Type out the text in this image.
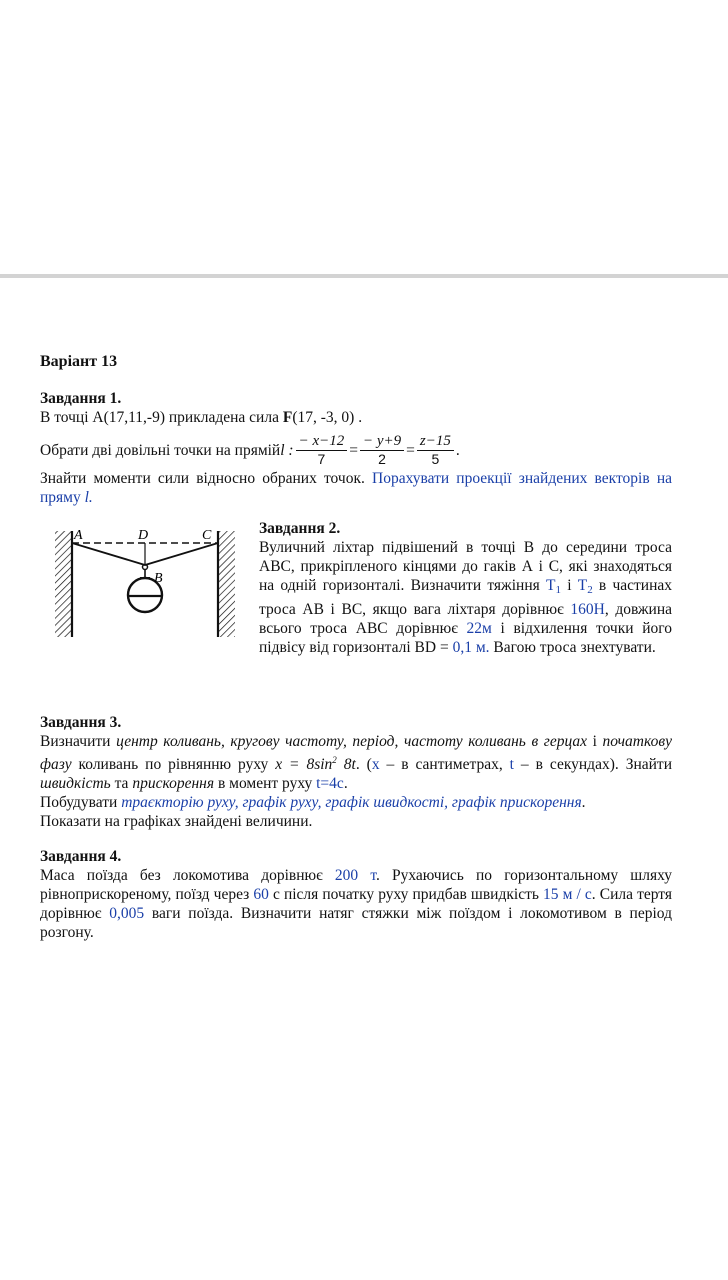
Варіант 13
Завдання 1.

В точці А(17,11,-9) прикладена сила F(17, -3, 0) .

Обрати дві довільні точки на прямій l : $\frac{- x-12}{7} = \frac{- y+9}{2} = \frac{z-15}{5}$ .

Знайти моменти сили відносно обраних точок. Порахувати проекції знайдених векторів на пряму l.

A	D	C
B
Завдання 2.
Вуличний ліхтар підвішений в точці В до середини троса АВС, прикріпленого кінцями до гаків А і С, які знаходяться на одній горизонталі. Визначити тяжіння $T_1$ і $T_2$ в частинах троса АВ і ВС, якщо вага ліхтаря дорівнює 160Н, довжина всього троса АВС дорівнює 22м і відхилення точки його підвісу від горизонталі BD = 0,1 м. Вагою троса знехтувати.
Завдання 3.

Визначити центр коливань, кругову частоту, період, частоту коливань в герцах і початкову фазу коливань по рівнянню руху $x = 8\sin^2$ 8t. (x – в сантиметрах, t – в секундах). Знайти швидкість та прискорення в момент руху t=4с.

Побудувати траєкторію руху, графік руху, графік швидкості, графік прискорення.

Показати на графіках знайдені величини.

Завдання 4.

Маса поїзда без локомотива дорівнює 200 т. Рухаючись по горизонтальному шляху рівноприскореному, поїзд через 60 с після початку руху придбав швидкість 15 м / с. Сила тертя дорівнює 0,005 ваги поїзда. Визначити натяг стяжки між поїздом і локомотивом в період розгону.
